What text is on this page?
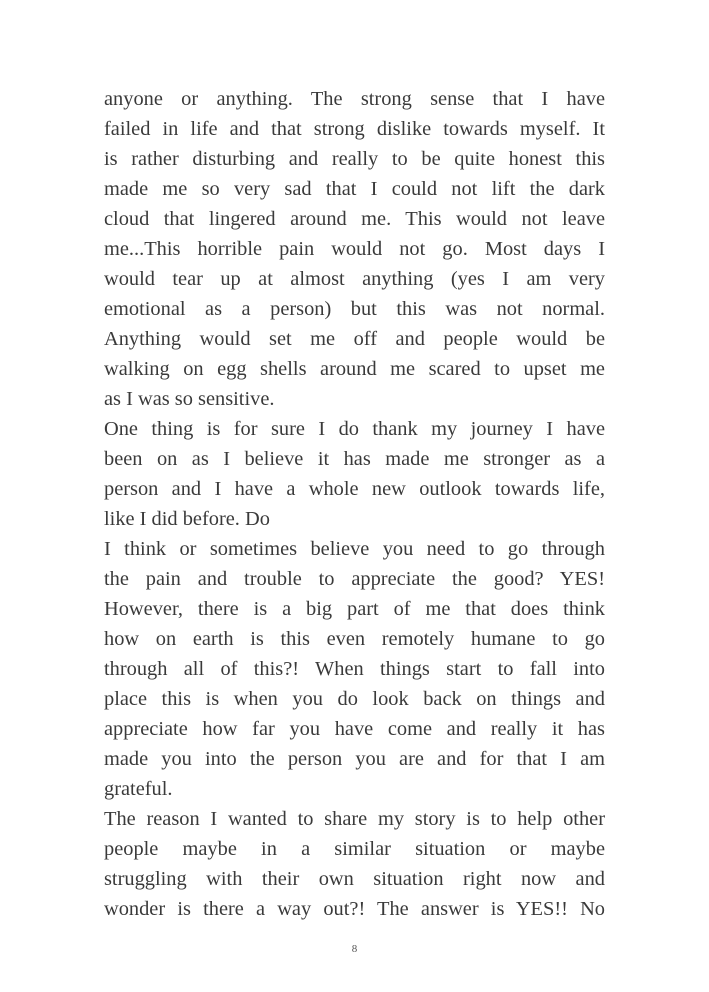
anyone or anything. The strong sense that I have
failed in life and that strong dislike towards myself. It
is rather disturbing and really to be quite honest this
made me so very sad that I could not lift the dark
cloud that lingered around me. This would not leave
me...This horrible pain would not go. Most days I
would tear up at almost anything (yes I am very
emotional as a person) but this was not normal.
Anything would set me off and people would be
walking on egg shells around me scared to upset me
as I was so sensitive.
One thing is for sure I do thank my journey I have
been on as I believe it has made me stronger as a
person and I have a whole new outlook towards life,
like I did before. Do
I think or sometimes believe you need to go through
the pain and trouble to appreciate the good? YES!
However, there is a big part of me that does think
how on earth is this even remotely humane to go
through all of this?! When things start to fall into
place this is when you do look back on things and
appreciate how far you have come and really it has
made you into the person you are and for that I am
grateful.
The reason I wanted to share my story is to help other
people maybe in a similar situation or maybe
struggling with their own situation right now and
wonder is there a way out?! The answer is YES!! No
8
